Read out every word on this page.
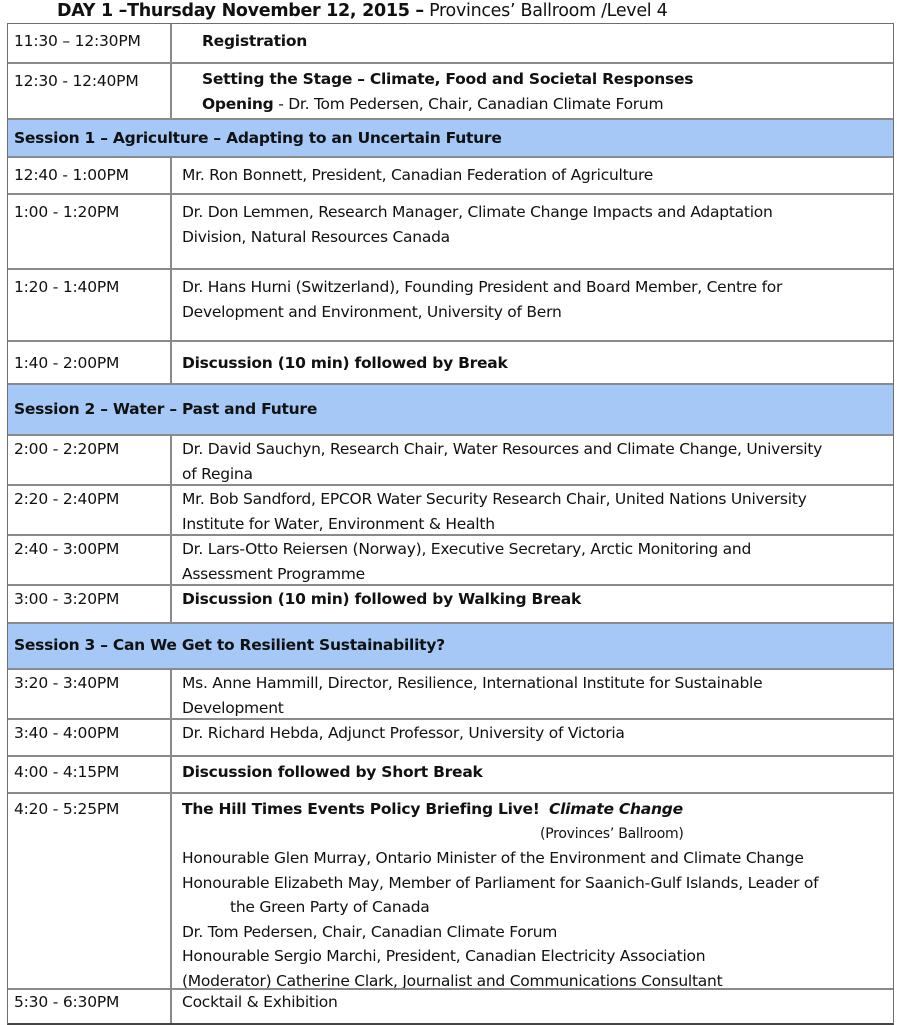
DAY 1 –Thursday November 12, 2015 – Provinces’ Ballroom /Level 4
11:30 – 12:30PM	Registration
12:30 - 12:40PM	Setting the Stage – Climate, Food and Societal Responses
Opening - Dr. Tom Pedersen, Chair, Canadian Climate Forum
Session 1 – Agriculture – Adapting to an Uncertain Future
12:40 - 1:00PM	Mr. Ron Bonnett, President, Canadian Federation of Agriculture
1:00 - 1:20PM	Dr. Don Lemmen, Research Manager, Climate Change Impacts and Adaptation
Division, Natural Resources Canada
1:20 - 1:40PM	Dr. Hans Hurni (Switzerland), Founding President and Board Member, Centre for
Development and Environment, University of Bern
1:40 - 2:00PM	Discussion (10 min) followed by Break
Session 2 – Water – Past and Future
2:00 - 2:20PM	Dr. David Sauchyn, Research Chair, Water Resources and Climate Change, University
of Regina
2:20 - 2:40PM	Mr. Bob Sandford, EPCOR Water Security Research Chair, United Nations University
Institute for Water, Environment & Health
2:40 - 3:00PM	Dr. Lars-Otto Reiersen (Norway), Executive Secretary, Arctic Monitoring and
Assessment Programme
3:00 - 3:20PM	Discussion (10 min) followed by Walking Break
Session 3 – Can We Get to Resilient Sustainability?
3:20 - 3:40PM	Ms. Anne Hammill, Director, Resilience, International Institute for Sustainable
Development
3:40 - 4:00PM	Dr. Richard Hebda, Adjunct Professor, University of Victoria
4:00 - 4:15PM	Discussion followed by Short Break
4:20 - 5:25PM	The Hill Times Events Policy Briefing Live! Climate Change
(Provinces’ Ballroom)
Honourable Glen Murray, Ontario Minister of the Environment and Climate Change
Honourable Elizabeth May, Member of Parliament for Saanich-Gulf Islands, Leader of
the Green Party of Canada
Dr. Tom Pedersen, Chair, Canadian Climate Forum
Honourable Sergio Marchi, President, Canadian Electricity Association
(Moderator) Catherine Clark, Journalist and Communications Consultant
5:30 - 6:30PM	Cocktail & Exhibition
